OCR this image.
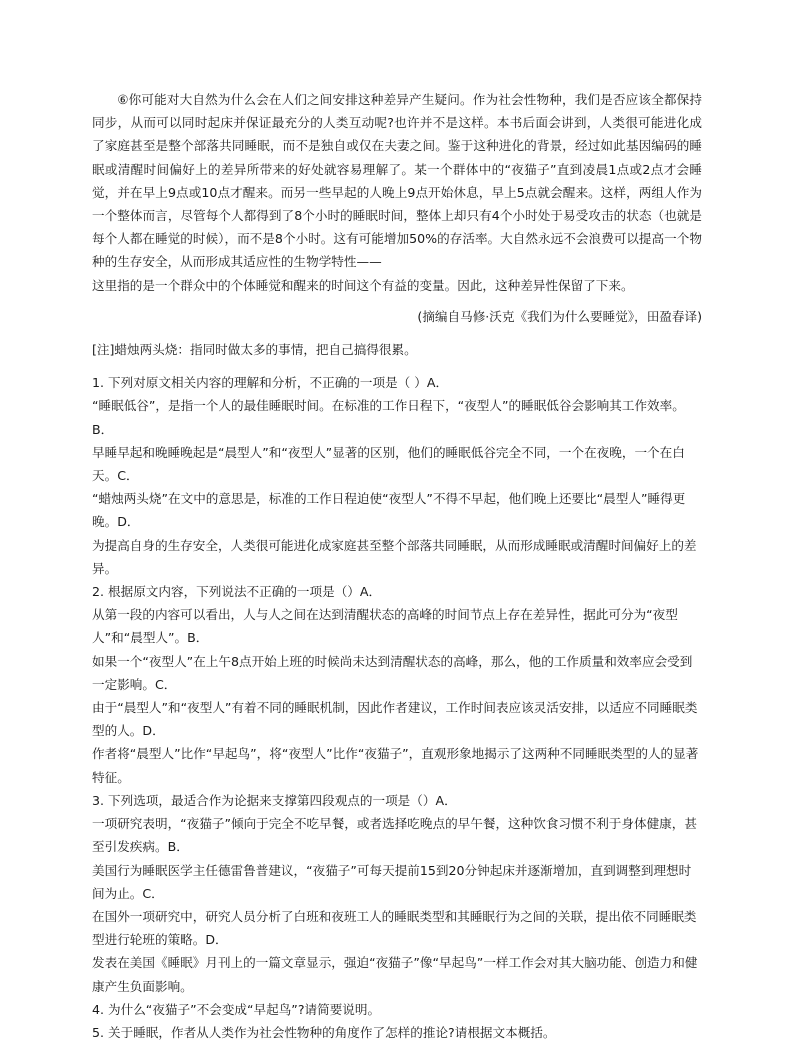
⑥你可能对大自然为什么会在人们之间安排这种差异产生疑问。作为社会性物种，我们是否应该全都保持同步，从而可以同时起床并保证最充分的人类互动呢?也许并不是这样。本书后面会讲到，人类很可能进化成了家庭甚至是整个部落共同睡眠，而不是独自或仅在夫妻之间。鉴于这种进化的背景，经过如此基因编码的睡眠或清醒时间偏好上的差异所带来的好处就容易理解了。某一个群体中的“夜猫子”直到凌晨1点或2点才会睡觉，并在早上9点或10点才醒来。而另一些早起的人晚上9点开始休息，早上5点就会醒来。这样，两组人作为一个整体而言，尽管每个人都得到了8个小时的睡眠时间，整体上却只有4个小时处于易受攻击的状态（也就是每个人都在睡觉的时候），而不是8个小时。这有可能增加50%的存活率。大自然永远不会浪费可以提高一个物种的生存安全，从而形成其适应性的生物学特性——

这里指的是一个群众中的个体睡觉和醒来的时间这个有益的变量。因此，这种差异性保留了下来。

(摘编自马修·沃克《我们为什么要睡觉》，田盈春译)

[注]蜡烛两头烧：指同时做太多的事情，把自己搞得很累。

1. 下列对原文相关内容的理解和分析，不正确的一项是（ ）A．

“睡眠低谷”，是指一个人的最佳睡眠时间。在标准的工作日程下，“夜型人”的睡眠低谷会影响其工作效率。B．

早睡早起和晚睡晚起是“晨型人”和“夜型人”显著的区别，他们的睡眠低谷完全不同，一个在夜晚，一个在白天。C．

“蜡烛两头烧”在文中的意思是，标准的工作日程迫使“夜型人”不得不早起，他们晚上还要比“晨型人”睡得更晚。D．

为提高自身的生存安全，人类很可能进化成家庭甚至整个部落共同睡眠，从而形成睡眠或清醒时间偏好上的差异。

2. 根据原文内容，下列说法不正确的一项是（）A．

从第一段的内容可以看出，人与人之间在达到清醒状态的高峰的时间节点上存在差异性，据此可分为“夜型人”和“晨型人”。B．

如果一个“夜型人”在上午8点开始上班的时候尚未达到清醒状态的高峰，那么，他的工作质量和效率应会受到一定影响。C．

由于“晨型人”和“夜型人”有着不同的睡眠机制，因此作者建议，工作时间表应该灵活安排，以适应不同睡眠类型的人。D．

作者将“晨型人”比作“早起鸟”，将“夜型人”比作“夜猫子”，直观形象地揭示了这两种不同睡眠类型的人的显著特征。

3. 下列选项，最适合作为论据来支撑第四段观点的一项是（）A．

一项研究表明，“夜猫子”倾向于完全不吃早餐，或者选择吃晚点的早午餐，这种饮食习惯不利于身体健康，甚至引发疾病。B．

美国行为睡眠医学主任德雷鲁普建议，“夜猫子”可每天提前15到20分钟起床并逐渐增加，直到调整到理想时间为止。C．

在国外一项研究中，研究人员分析了白班和夜班工人的睡眠类型和其睡眠行为之间的关联，提出依不同睡眠类型进行轮班的策略。D．

发表在美国《睡眠》月刊上的一篇文章显示，强迫“夜猫子”像“早起鸟”一样工作会对其大脑功能、创造力和健康产生负面影响。

4. 为什么“夜猫子”不会变成“早起鸟”?请简要说明。

5. 关于睡眠，作者从人类作为社会性物种的角度作了怎样的推论?请根据文本概括。
